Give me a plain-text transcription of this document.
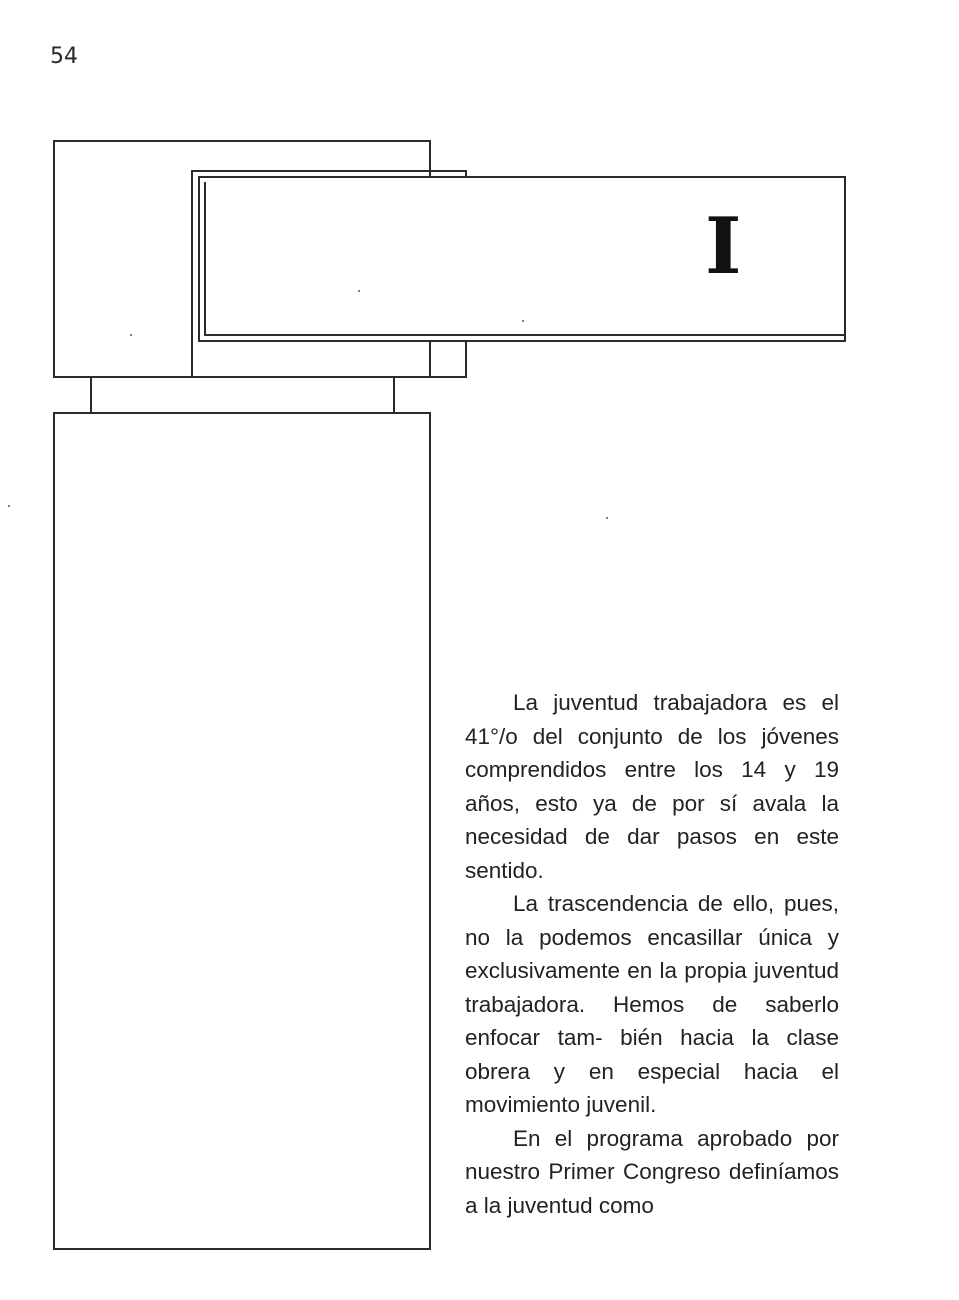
54
I

La juventud trabajadora es el 41°/o del conjunto de los jóvenes comprendidos entre los 14 y 19 años, esto ya de por sí avala la necesidad de dar pasos en este sentido.

La trascendencia de ello, pues, no la podemos encasillar única y exclusivamente en la propia juventud trabajadora. Hemos de saberlo enfocar tam- bién hacia la clase obrera y en especial hacia el movimiento juvenil.

En el programa aprobado por nuestro Primer Congreso definíamos a la juventud como
